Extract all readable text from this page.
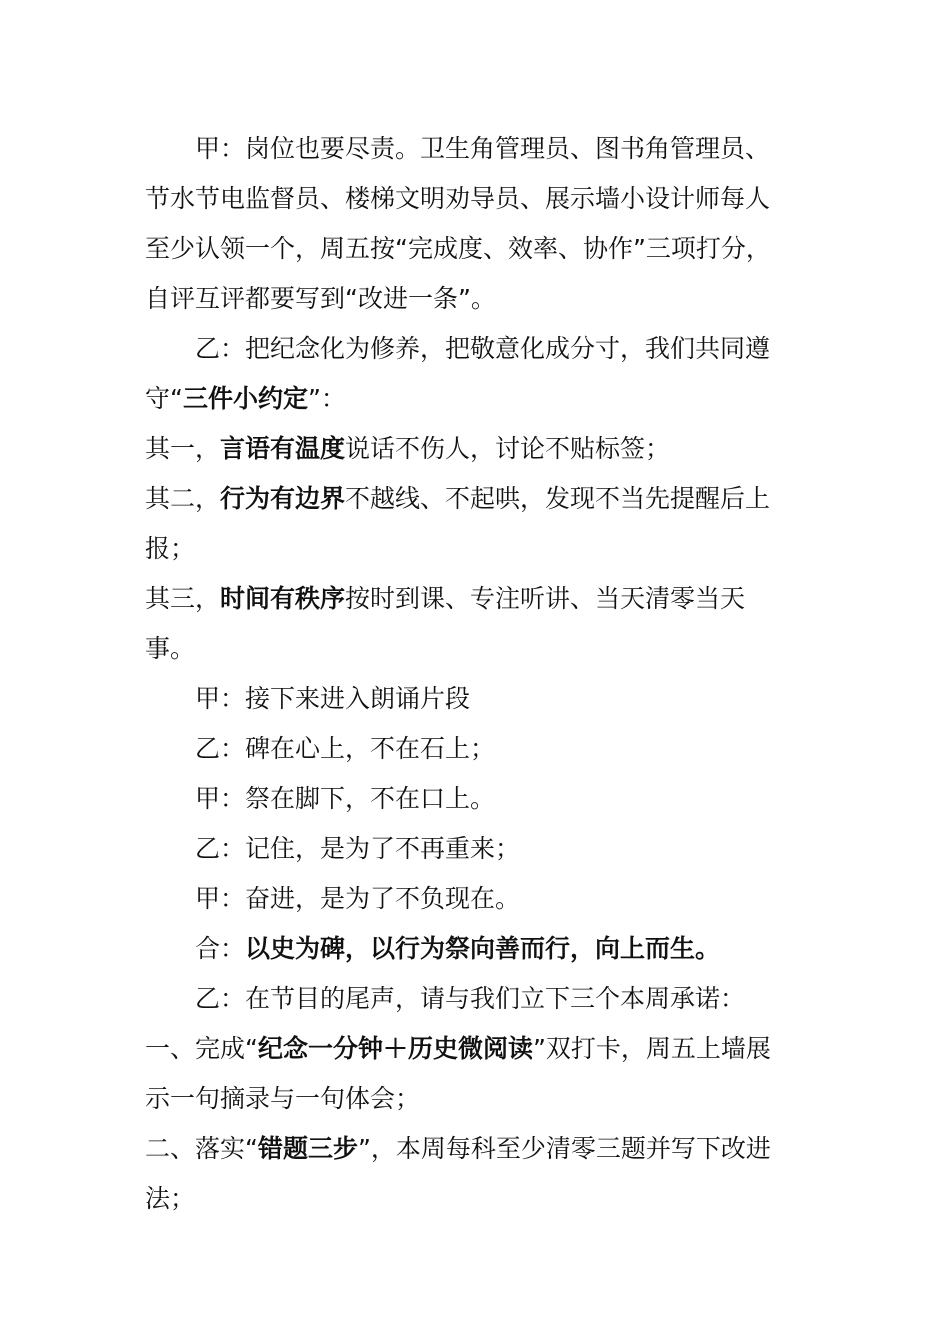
甲：岗位也要尽责。卫生角管理员、图书角管理员、节水节电监督员、楼梯文明劝导员、展示墙小设计师每人至少认领一个，周五按“完成度、效率、协作”三项打分，自评互评都要写到“改进一条”。

乙：把纪念化为修养，把敬意化成分寸，我们共同遵守“三件小约定”：

其一，言语有温度说话不伤人，讨论不贴标签；

其二，行为有边界不越线、不起哄，发现不当先提醒后上报；

其三，时间有秩序按时到课、专注听讲、当天清零当天事。

甲：接下来进入朗诵片段

乙：碑在心上，不在石上；

甲：祭在脚下，不在口上。

乙：记住，是为了不再重来；

甲：奋进，是为了不负现在。

合：以史为碑，以行为祭向善而行，向上而生。

乙：在节目的尾声，请与我们立下三个本周承诺：

一、完成“纪念一分钟＋历史微阅读”双打卡，周五上墙展示一句摘录与一句体会；

二、落实“错题三步”，本周每科至少清零三题并写下改进法；
